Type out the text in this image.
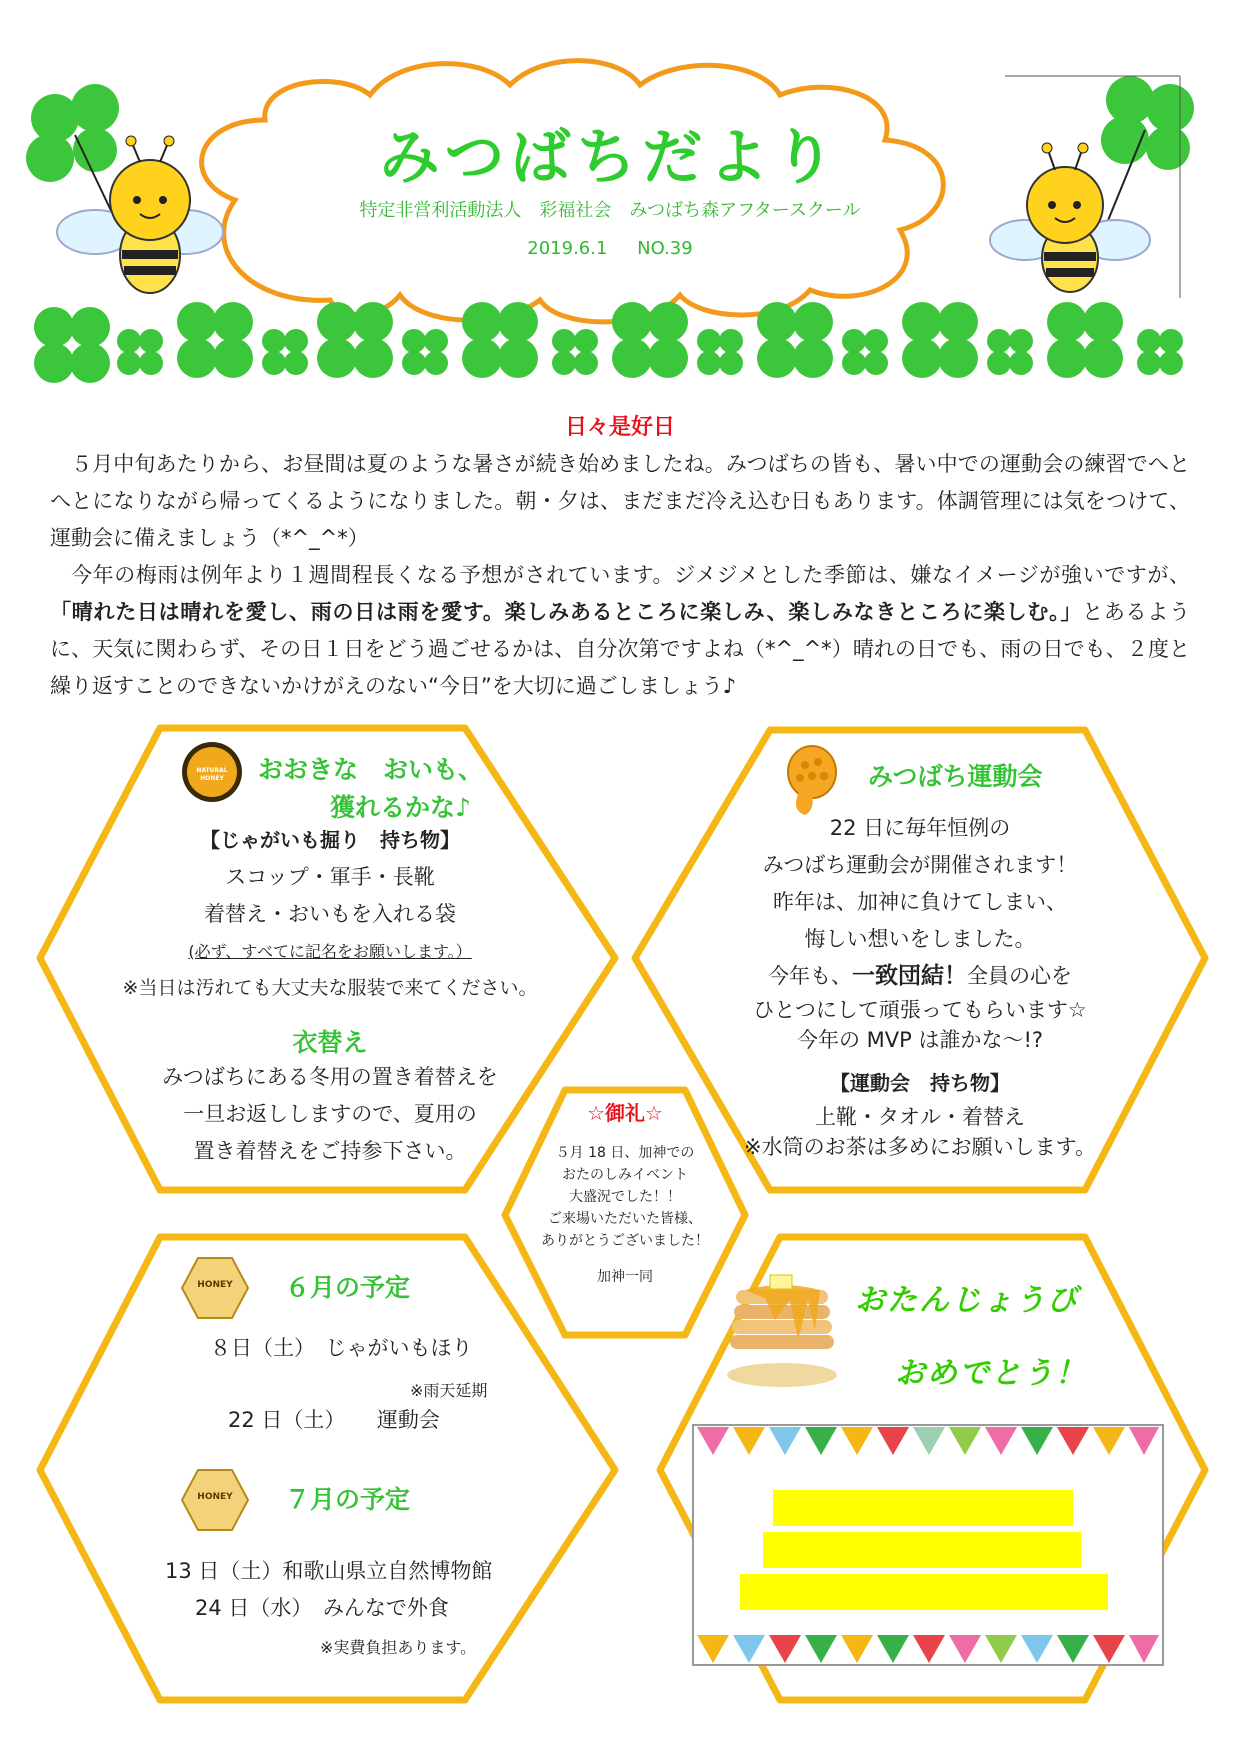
みつばちだより
特定非営利活動法人　彩福社会　みつばち森アフタースクール
2019.6.1 NO.39
日々是好日

５月中旬あたりから、お昼間は夏のような暑さが続き始めましたね。みつばちの皆も、暑い中での運動会の練習でへとへとになりながら帰ってくるようになりました。朝・夕は、まだまだ冷え込む日もあります。体調管理には気をつけて、運動会に備えましょう（*^_^*）

今年の梅雨は例年より１週間程長くなる予想がされています。ジメジメとした季節は、嫌なイメージが強いですが、「晴れた日は晴れを愛し、雨の日は雨を愛す。楽しみあるところに楽しみ、楽しみなきところに楽しむ。」とあるように、天気に関わらず、その日１日をどう過ごせるかは、自分次第ですよね（*^_^*）晴れの日でも、雨の日でも、２度と繰り返すことのできないかけがえのない“今日”を大切に過ごしましょう♪

NATURAL HONEY	おおきな　おいも、
獲れるかな♪
【じゃがいも掘り　持ち物】
スコップ・軍手・長靴
着替え・おいもを入れる袋
(必ず、すべてに記名をお願いします。）
※当日は汚れても大丈夫な服装で来てください。
衣替え
みつばちにある冬用の置き着替えを
一旦お返ししますので、夏用の
置き着替えをご持参下さい。
みつばち運動会
22 日に毎年恒例の
みつばち運動会が開催されます！
昨年は、加神に負けてしまい、
悔しい想いをしました。
今年も、一致団結！全員の心を
ひとつにして頑張ってもらいます☆
今年の MVP は誰かな～!?
【運動会　持ち物】
上靴・タオル・着替え
※水筒のお茶は多めにお願いします。
☆御礼☆
５月 18 日、加神での
おたのしみイベント
大盛況でした！！
ご来場いただいた皆様、
ありがとうございました！
加神一同
HONEY
HONEY
６月の予定
８日（土）　じゃがいもほり
※雨天延期
22 日（土）　　運動会
７月の予定
13 日（土）和歌山県立自然博物館
24 日（水）　みんなで外食
※実費負担あります。
おたんじょうび
おめでとう！
